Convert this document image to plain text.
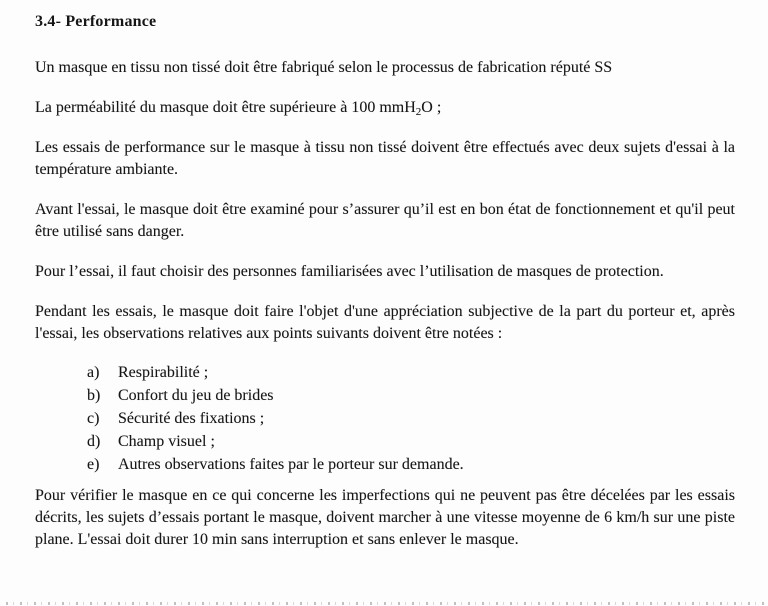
3.4- Performance

Un masque en tissu non tissé doit être fabriqué selon le processus de fabrication réputé SS

La perméabilité du masque doit être supérieure à 100 mmH$_2$O ;

Les essais de performance sur le masque à tissu non tissé doivent être effectués avec deux sujets d'essai à la température ambiante.

Avant l'essai, le masque doit être examiné pour s’assurer qu’il est en bon état de fonctionnement et qu'il peut être utilisé sans danger.

Pour l’essai, il faut choisir des personnes familiarisées avec l’utilisation de masques de protection.

Pendant les essais, le masque doit faire l'objet d'une appréciation subjective de la part du porteur et, après l'essai, les observations relatives aux points suivants doivent être notées :

a)	Respirabilité ;
b)	Confort du jeu de brides
c)	Sécurité des fixations ;
d)	Champ visuel ;
e)	Autres observations faites par le porteur sur demande.

Pour vérifier le masque en ce qui concerne les imperfections qui ne peuvent pas être décelées par les essais décrits, les sujets d’essais portant le masque, doivent marcher à une vitesse moyenne de 6 km/h sur une piste plane. L'essai doit durer 10 min sans interruption et sans enlever le masque.
